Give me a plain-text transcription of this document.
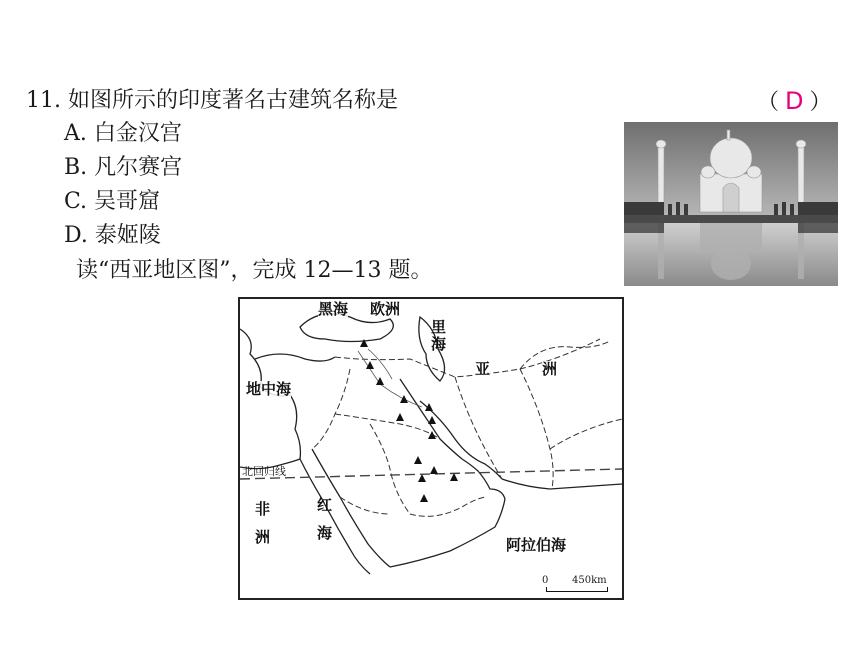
11. 如图所示的印度著名古建筑名称是	（ D ）
A. 白金汉宫
B. 凡尔赛宫
C. 吴哥窟
D. 泰姬陵
读“西亚地区图”，完成 12—13 题。
黑海 欧洲
里海
亚	洲
地中海
北回归线
非洲
红海
阿拉伯海
0 450km
